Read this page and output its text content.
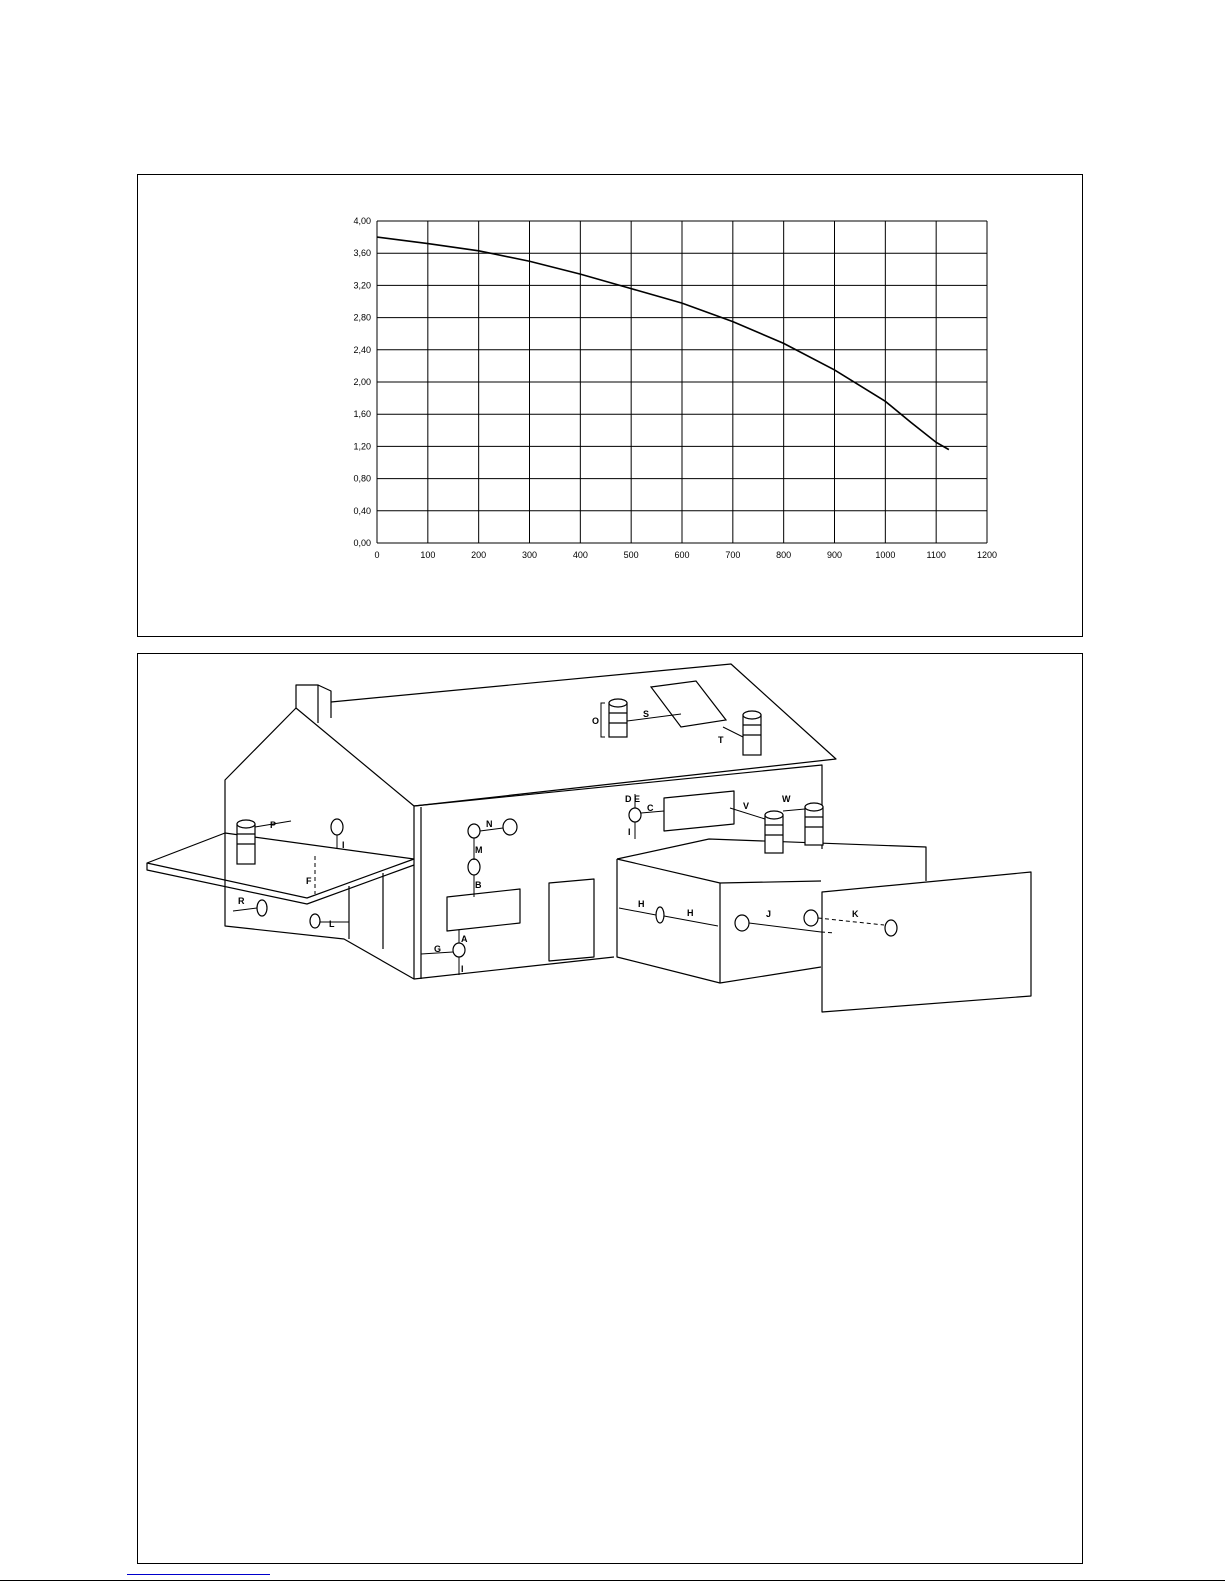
0	100	200	300	400	500	600	700	800	900	1000	1100	1200
0,00
0,40
0,80
1,20
1,60
2,00
2,40
2,80
3,20
3,60
4,00
O
S
T
P
I
F
R
L
N
M
B
G
A
I
D E
C
I
V
W
H
H	J	K
